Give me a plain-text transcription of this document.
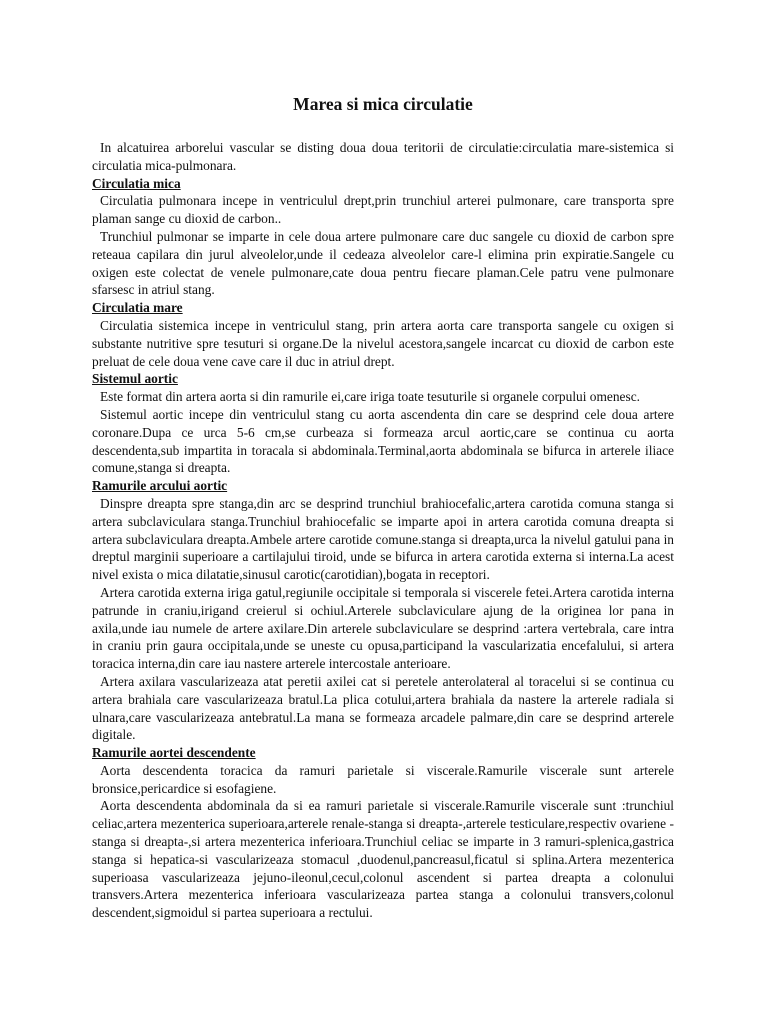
Marea si mica circulatie

In alcatuirea arborelui vascular se disting doua doua teritorii de circulatie:circulatia mare-sistemica si circulatia mica-pulmonara.

Circulatia mica

Circulatia pulmonara incepe in ventriculul drept,prin trunchiul arterei pulmonare, care transporta spre plaman sange cu dioxid de carbon..

Trunchiul pulmonar se imparte in cele doua artere pulmonare care duc sangele cu dioxid de carbon spre reteaua capilara din jurul alveolelor,unde il cedeaza alveolelor care-l elimina prin expiratie.Sangele cu oxigen este colectat de venele pulmonare,cate doua pentru fiecare plaman.Cele patru vene pulmonare sfarsesc in atriul stang.

Circulatia mare

Circulatia sistemica incepe in ventriculul stang, prin artera aorta care transporta sangele cu oxigen si substante nutritive spre tesuturi si organe.De la nivelul acestora,sangele incarcat cu dioxid de carbon este preluat de cele doua vene cave care il duc in atriul drept.

Sistemul aortic

Este format din artera aorta si din ramurile ei,care iriga toate tesuturile si organele corpului omenesc.

Sistemul aortic incepe din ventriculul stang cu aorta ascendenta din care se desprind cele doua artere coronare.Dupa ce urca 5-6 cm,se curbeaza si formeaza arcul aortic,care se continua cu aorta descendenta,sub impartita in toracala si abdominala.Terminal,aorta abdominala se bifurca in arterele iliace comune,stanga si dreapta.

Ramurile arcului aortic

Dinspre dreapta spre stanga,din arc se desprind trunchiul brahiocefalic,artera carotida comuna stanga si artera subclaviculara stanga.Trunchiul brahiocefalic se imparte apoi in artera carotida comuna dreapta si artera subclaviculara dreapta.Ambele artere carotide comune.stanga si dreapta,urca la nivelul gatului pana in dreptul marginii superioare a cartilajului tiroid, unde se bifurca in artera carotida externa si interna.La acest nivel exista o mica dilatatie,sinusul carotic(carotidian),bogata in receptori.

Artera carotida externa iriga gatul,regiunile occipitale si temporala si viscerele fetei.Artera carotida interna patrunde in craniu,irigand creierul si ochiul.Arterele subclaviculare ajung de la originea lor pana in axila,unde iau numele de artere axilare.Din arterele subclaviculare se desprind :artera vertebrala, care intra in craniu prin gaura occipitala,unde se uneste cu opusa,participand la vascularizatia encefalului, si artera toracica interna,din care iau nastere arterele intercostale anterioare.

Artera axilara vascularizeaza atat peretii axilei cat si peretele anterolateral al toracelui si se continua cu artera brahiala care vascularizeaza bratul.La plica cotului,artera brahiala da nastere la arterele radiala si ulnara,care vascularizeaza antebratul.La mana se formeaza arcadele palmare,din care se desprind arterele digitale.

Ramurile aortei descendente

Aorta descendenta toracica da ramuri parietale si viscerale.Ramurile viscerale sunt arterele bronsice,pericardice si esofagiene.

Aorta descendenta abdominala da si ea ramuri parietale si viscerale.Ramurile viscerale sunt :trunchiul celiac,artera mezenterica superioara,arterele renale-stanga si dreapta-,arterele testiculare,respectiv ovariene -stanga si dreapta-,si artera mezenterica inferioara.Trunchiul celiac se imparte in 3 ramuri-splenica,gastrica stanga si hepatica-si vascularizeaza stomacul ,duodenul,pancreasul,ficatul si splina.Artera mezenterica superioasa vascularizeaza jejuno-ileonul,cecul,colonul ascendent si partea dreapta a colonului transvers.Artera mezenterica inferioara vascularizeaza partea stanga a colonului transvers,colonul descendent,sigmoidul si partea superioara a rectului.
